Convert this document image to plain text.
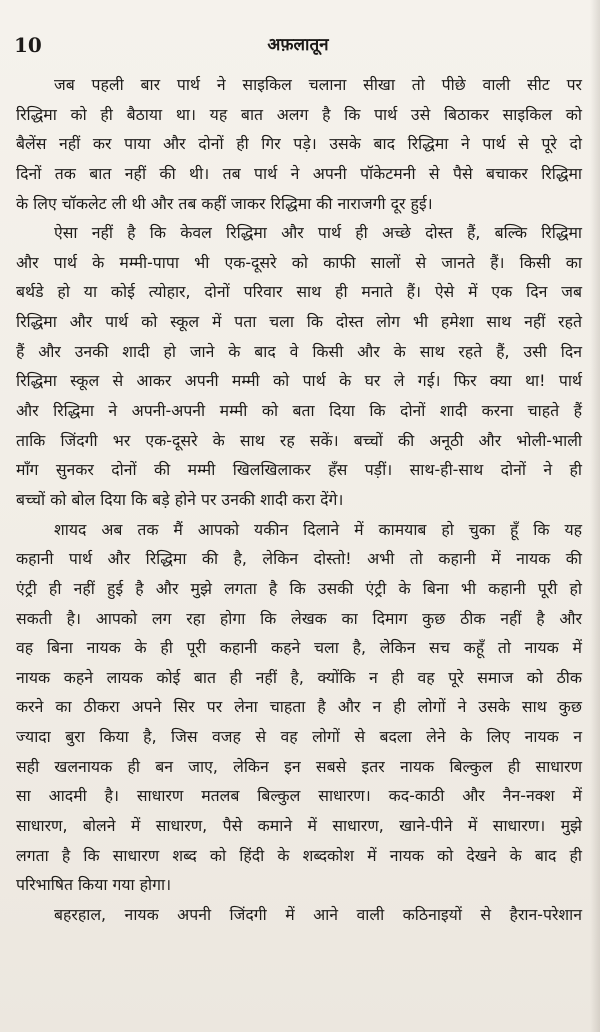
10	अफ़लातून
जब पहली बार पार्थ ने साइकिल चलाना सीखा तो पीछे वाली सीट पर
रिद्धिमा को ही बैठाया था। यह बात अलग है कि पार्थ उसे बिठाकर साइकिल को
बैलेंस नहीं कर पाया और दोनों ही गिर पड़े। उसके बाद रिद्धिमा ने पार्थ से पूरे दो
दिनों तक बात नहीं की थी। तब पार्थ ने अपनी पॉकेटमनी से पैसे बचाकर रिद्धिमा
के लिए चॉकलेट ली थी और तब कहीं जाकर रिद्धिमा की नाराजगी दूर हुई।
ऐसा नहीं है कि केवल रिद्धिमा और पार्थ ही अच्छे दोस्त हैं, बल्कि रिद्धिमा
और पार्थ के मम्मी-पापा भी एक-दूसरे को काफी सालों से जानते हैं। किसी का
बर्थडे हो या कोई त्योहार, दोनों परिवार साथ ही मनाते हैं। ऐसे में एक दिन जब
रिद्धिमा और पार्थ को स्कूल में पता चला कि दोस्त लोग भी हमेशा साथ नहीं रहते
हैं और उनकी शादी हो जाने के बाद वे किसी और के साथ रहते हैं, उसी दिन
रिद्धिमा स्कूल से आकर अपनी मम्मी को पार्थ के घर ले गई। फिर क्या था! पार्थ
और रिद्धिमा ने अपनी-अपनी मम्मी को बता दिया कि दोनों शादी करना चाहते हैं
ताकि जिंदगी भर एक-दूसरे के साथ रह सकें। बच्चों की अनूठी और भोली-भाली
माँग सुनकर दोनों की मम्मी खिलखिलाकर हँस पड़ीं। साथ-ही-साथ दोनों ने ही
बच्चों को बोल दिया कि बड़े होने पर उनकी शादी करा देंगे।
शायद अब तक मैं आपको यकीन दिलाने में कामयाब हो चुका हूँ कि यह
कहानी पार्थ और रिद्धिमा की है, लेकिन दोस्तो! अभी तो कहानी में नायक की
एंट्री ही नहीं हुई है और मुझे लगता है कि उसकी एंट्री के बिना भी कहानी पूरी हो
सकती है। आपको लग रहा होगा कि लेखक का दिमाग कुछ ठीक नहीं है और
वह बिना नायक के ही पूरी कहानी कहने चला है, लेकिन सच कहूँ तो नायक में
नायक कहने लायक कोई बात ही नहीं है, क्योंकि न ही वह पूरे समाज को ठीक
करने का ठीकरा अपने सिर पर लेना चाहता है और न ही लोगों ने उसके साथ कुछ
ज्यादा बुरा किया है, जिस वजह से वह लोगों से बदला लेने के लिए नायक न
सही खलनायक ही बन जाए, लेकिन इन सबसे इतर नायक बिल्कुल ही साधारण
सा आदमी है। साधारण मतलब बिल्कुल साधारण। कद-काठी और नैन-नक्श में
साधारण, बोलने में साधारण, पैसे कमाने में साधारण, खाने-पीने में साधारण। मुझे
लगता है कि साधारण शब्द को हिंदी के शब्दकोश में नायक को देखने के बाद ही
परिभाषित किया गया होगा।
बहरहाल, नायक अपनी जिंदगी में आने वाली कठिनाइयों से हैरान-परेशान
